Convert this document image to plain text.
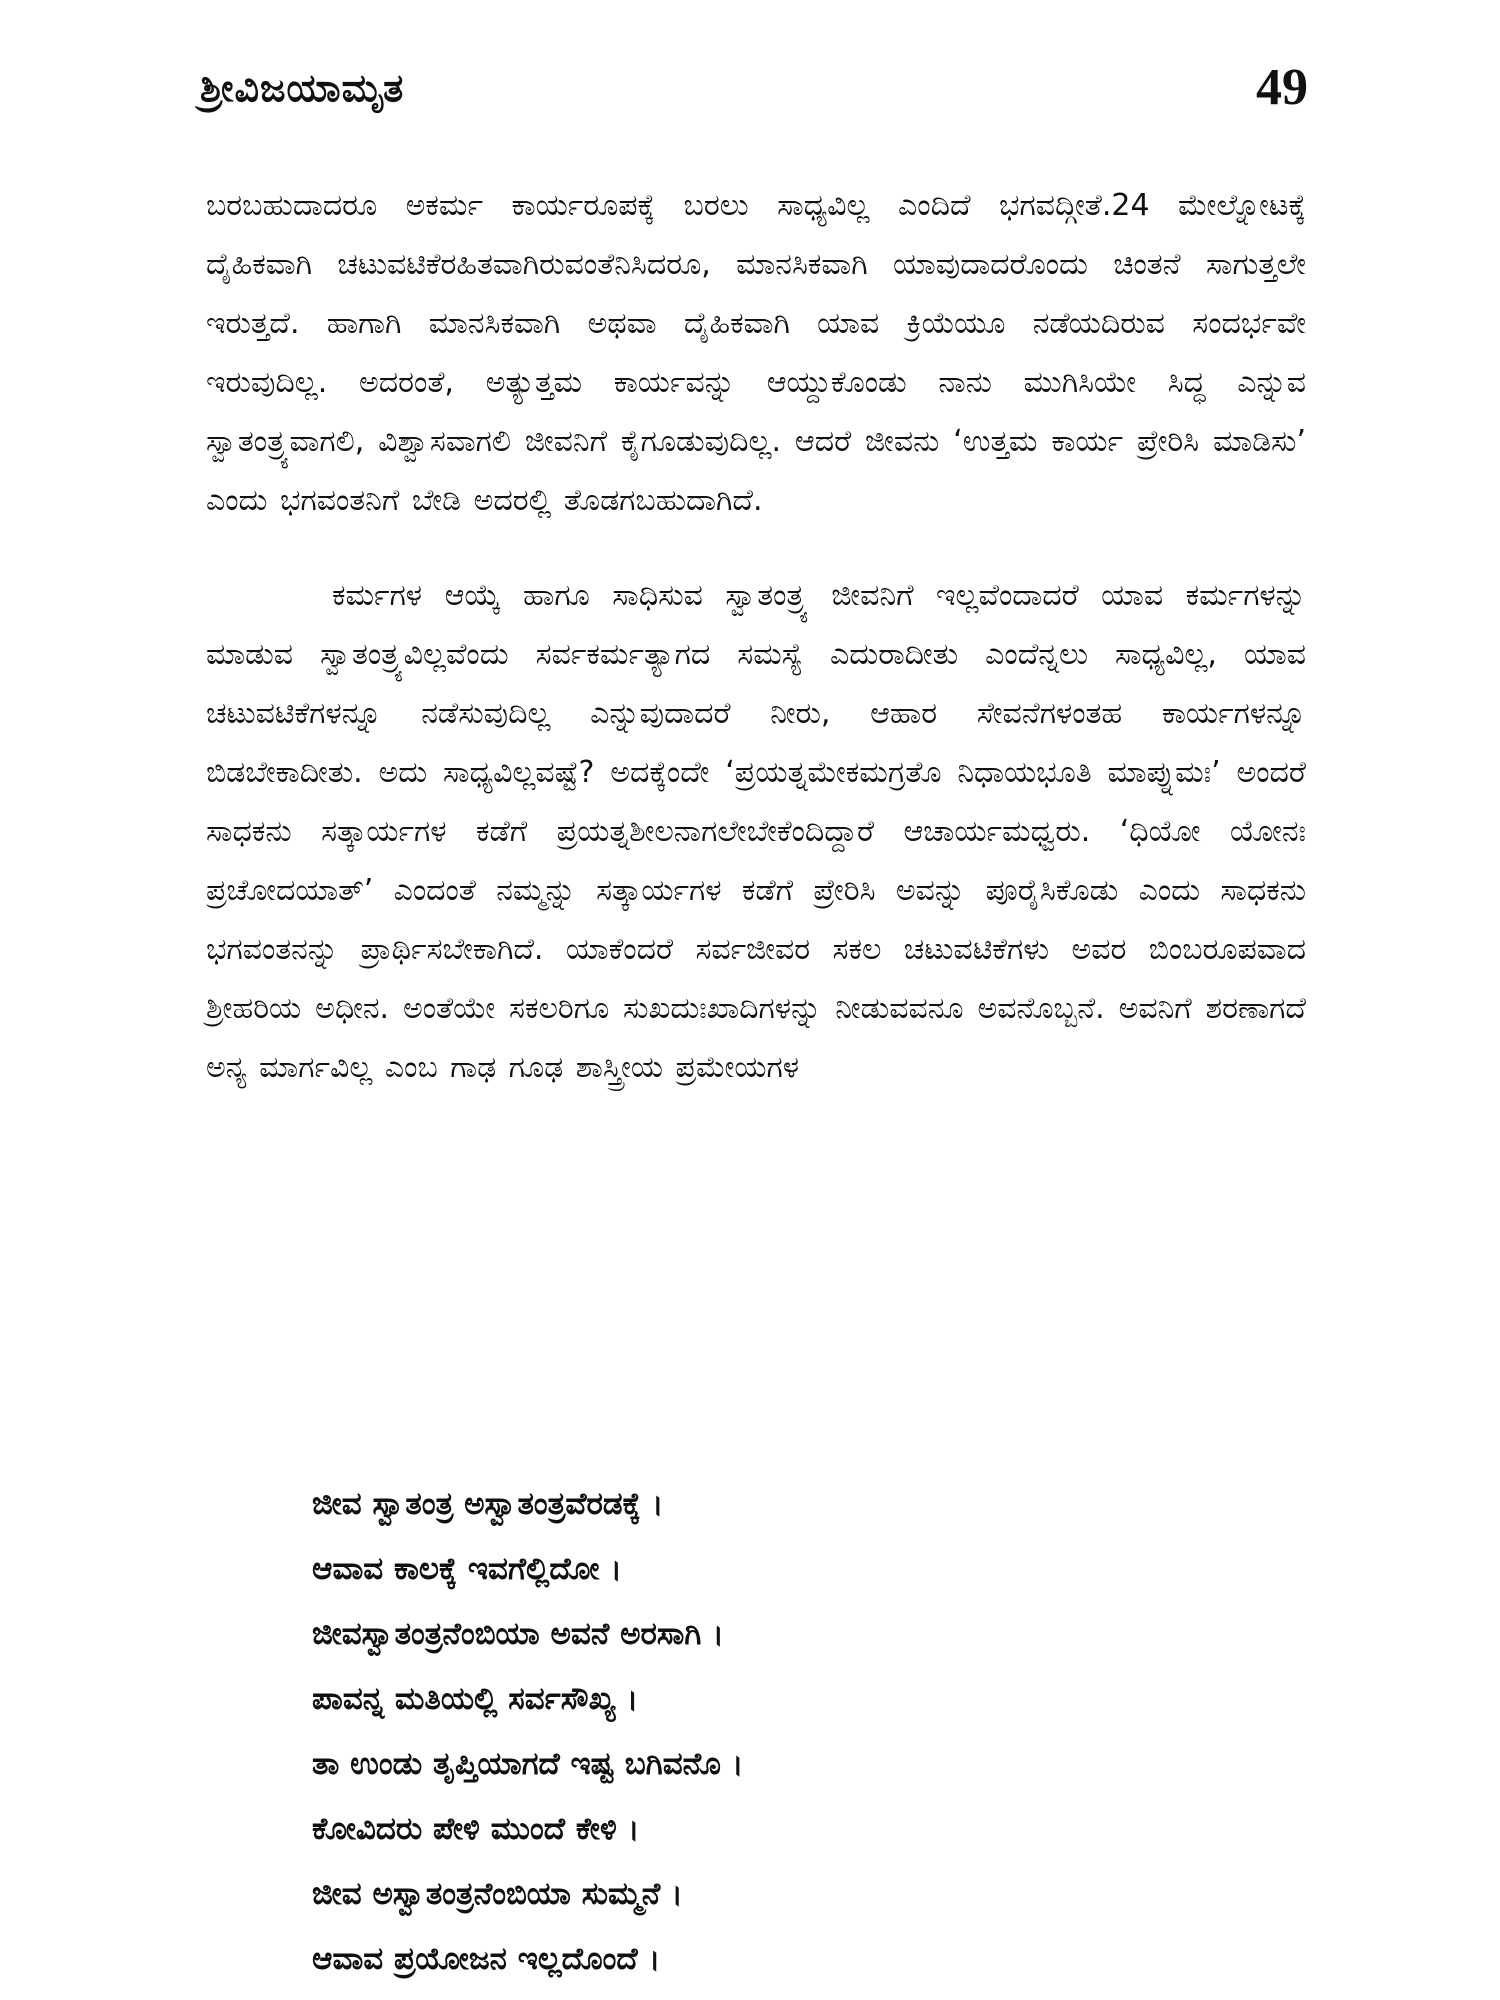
ಶ್ರೀವಿಜಯಾಮೃತ	49

ಬರಬಹುದಾದರೂ ಅಕರ್ಮ ಕಾರ್ಯರೂಪಕ್ಕೆ ಬರಲು ಸಾಧ್ಯವಿಲ್ಲ ಎಂದಿದೆ ಭಗವದ್ಗೀತೆ.24 ಮೇಲ್ನೋಟಕ್ಕೆ ದೈಹಿಕವಾಗಿ ಚಟುವಟಿಕೆರಹಿತವಾಗಿರುವಂತೆನಿಸಿದರೂ, ಮಾನಸಿಕವಾಗಿ ಯಾವುದಾದರೊಂದು ಚಿಂತನೆ ಸಾಗುತ್ತಲೇ ಇರುತ್ತದೆ. ಹಾಗಾಗಿ ಮಾನಸಿಕವಾಗಿ ಅಥವಾ ದೈಹಿಕವಾಗಿ ಯಾವ ಕ್ರಿಯೆಯೂ ನಡೆಯದಿರುವ ಸಂದರ್ಭವೇ ಇರುವುದಿಲ್ಲ. ಅದರಂತೆ, ಅತ್ಯುತ್ತಮ ಕಾರ್ಯವನ್ನು ಆಯ್ದುಕೊಂಡು ನಾನು ಮುಗಿಸಿಯೇ ಸಿದ್ಧ ಎನ್ನುವ ಸ್ವಾತಂತ್ರ್ಯವಾಗಲಿ, ವಿಶ್ವಾಸವಾಗಲಿ ಜೀವನಿಗೆ ಕೈಗೂಡುವುದಿಲ್ಲ. ಆದರೆ ಜೀವನು ‘ಉತ್ತಮ ಕಾರ್ಯ ಪ್ರೇರಿಸಿ ಮಾಡಿಸು’ ಎಂದು ಭಗವಂತನಿಗೆ ಬೇಡಿ ಅದರಲ್ಲಿ ತೊಡಗಬಹುದಾಗಿದೆ.

ಕರ್ಮಗಳ ಆಯ್ಕೆ ಹಾಗೂ ಸಾಧಿಸುವ ಸ್ವಾತಂತ್ರ್ಯ ಜೀವನಿಗೆ ಇಲ್ಲವೆಂದಾದರೆ ಯಾವ ಕರ್ಮಗಳನ್ನು ಮಾಡುವ ಸ್ವಾತಂತ್ರ್ಯವಿಲ್ಲವೆಂದು ಸರ್ವಕರ್ಮತ್ಯಾಗದ ಸಮಸ್ಯೆ ಎದುರಾದೀತು ಎಂದೆನ್ನಲು ಸಾಧ್ಯವಿಲ್ಲ, ಯಾವ ಚಟುವಟಿಕೆಗಳನ್ನೂ ನಡೆಸುವುದಿಲ್ಲ ಎನ್ನುವುದಾದರೆ ನೀರು, ಆಹಾರ ಸೇವನೆಗಳಂತಹ ಕಾರ್ಯಗಳನ್ನೂ ಬಿಡಬೇಕಾದೀತು. ಅದು ಸಾಧ್ಯವಿಲ್ಲವಷ್ಟೆ? ಅದಕ್ಕೆಂದೇ ‘ಪ್ರಯತ್ನಮೇಕಮಗ್ರತೊ ನಿಧಾಯಭೂತಿ ಮಾಪ್ನುಮಃ’ ಅಂದರೆ ಸಾಧಕನು ಸತ್ಕಾರ್ಯಗಳ ಕಡೆಗೆ ಪ್ರಯತ್ನಶೀಲನಾಗಲೇಬೇಕೆಂದಿದ್ದಾರೆ ಆಚಾರ್ಯಮಧ್ವರು. ‘ಧಿಯೋ ಯೋನಃ ಪ್ರಚೋದಯಾತ್’ ಎಂದಂತೆ ನಮ್ಮನ್ನು ಸತ್ಕಾರ್ಯಗಳ ಕಡೆಗೆ ಪ್ರೇರಿಸಿ ಅವನ್ನು ಪೂರೈಸಿಕೊಡು ಎಂದು ಸಾಧಕನು ಭಗವಂತನನ್ನು ಪ್ರಾರ್ಥಿಸಬೇಕಾಗಿದೆ. ಯಾಕೆಂದರೆ ಸರ್ವಜೀವರ ಸಕಲ ಚಟುವಟಿಕೆಗಳು ಅವರ ಬಿಂಬರೂಪವಾದ ಶ್ರೀಹರಿಯ ಅಧೀನ. ಅಂತೆಯೇ ಸಕಲರಿಗೂ ಸುಖದುಃಖಾದಿಗಳನ್ನು ನೀಡುವವನೂ ಅವನೊಬ್ಬನೆ. ಅವನಿಗೆ ಶರಣಾಗದೆ ಅನ್ಯ ಮಾರ್ಗವಿಲ್ಲ ಎಂಬ ಗಾಢ ಗೂಢ ಶಾಸ್ತ್ರೀಯ ಪ್ರಮೇಯಗಳ

ಜೀವ ಸ್ವಾತಂತ್ರ ಅಸ್ವಾತಂತ್ರವೆರಡಕ್ಕೆ ।
ಆವಾವ ಕಾಲಕ್ಕೆ ಇವಗೆಲ್ಲಿದೋ ।
ಜೀವಸ್ವಾತಂತ್ರನೆಂಬಿಯಾ ಅವನೆ ಅರಸಾಗಿ ।
ಪಾವನ್ನ ಮತಿಯಲ್ಲಿ ಸರ್ವಸೌಖ್ಯ ।
ತಾ ಉಂಡು ತೃಪ್ತಿಯಾಗದೆ ಇಷ್ಟ ಬಗಿವನೊ ।
ಕೋವಿದರು ಪೇಳಿ ಮುಂದೆ ಕೇಳಿ ।
ಜೀವ ಅಸ್ವಾತಂತ್ರನೆಂಬಿಯಾ ಸುಮ್ಮನೆ ।
ಆವಾವ ಪ್ರಯೋಜನ ಇಲ್ಲದೊಂದೆ ।
